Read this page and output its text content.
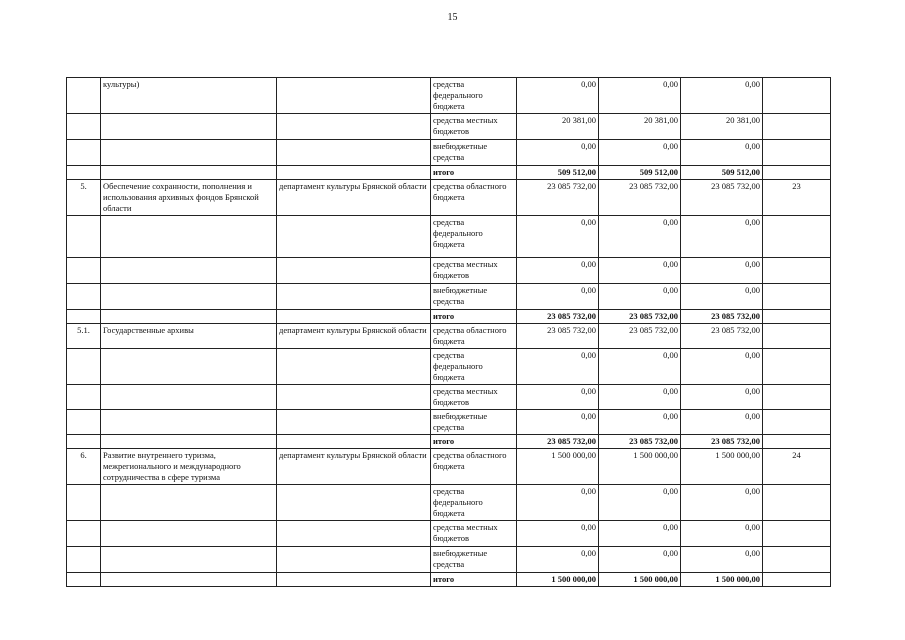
15
	культуры)		средства федерального бюджета	0,00	0,00	0,00	
			средства местных бюджетов	20 381,00	20 381,00	20 381,00	
			внебюджетные средства	0,00	0,00	0,00	
			итого	509 512,00	509 512,00	509 512,00	
5.	Обеспечение сохранности, пополнения и использования архивных фондов Брянской области	департамент культуры Брянской области	средства областного бюджета	23 085 732,00	23 085 732,00	23 085 732,00	23
			средства федерального бюджета	0,00	0,00	0,00	
			средства местных бюджетов	0,00	0,00	0,00	
			внебюджетные средства	0,00	0,00	0,00	
			итого	23 085 732,00	23 085 732,00	23 085 732,00	
5.1.	Государственные архивы	департамент культуры Брянской области	средства областного бюджета	23 085 732,00	23 085 732,00	23 085 732,00	
			средства федерального бюджета	0,00	0,00	0,00	
			средства местных бюджетов	0,00	0,00	0,00	
			внебюджетные средства	0,00	0,00	0,00	
			итого	23 085 732,00	23 085 732,00	23 085 732,00	
6.	Развитие внутреннего туризма, межрегионального и международного сотрудничества в сфере туризма	департамент культуры Брянской области	средства областного бюджета	1 500 000,00	1 500 000,00	1 500 000,00	24
			средства федерального бюджета	0,00	0,00	0,00	
			средства местных бюджетов	0,00	0,00	0,00	
			внебюджетные средства	0,00	0,00	0,00	
			итого	1 500 000,00	1 500 000,00	1 500 000,00	
